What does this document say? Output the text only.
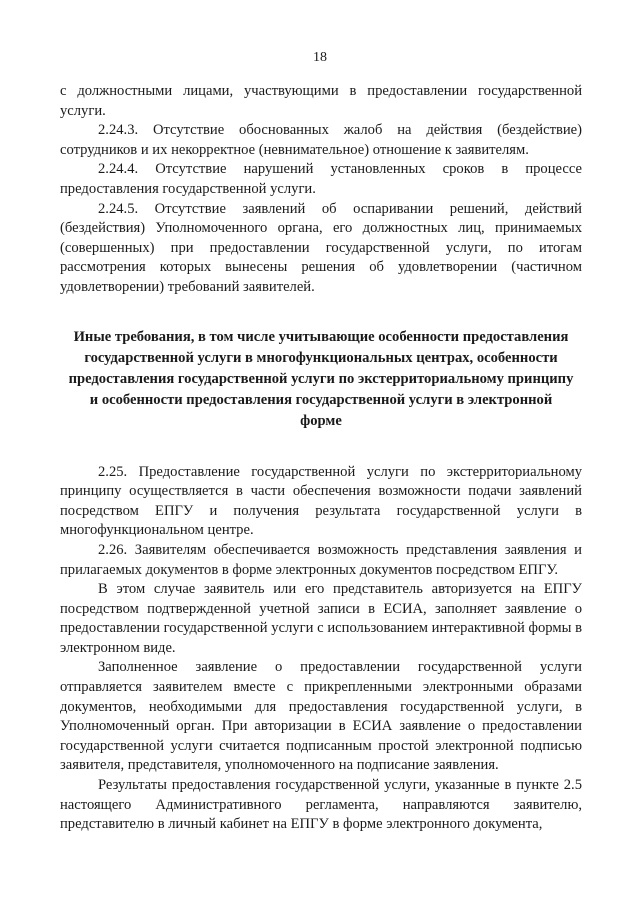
18

с должностными лицами, участвующими в предоставлении государственной услуги.

2.24.3. Отсутствие обоснованных жалоб на действия (бездействие) сотрудников и их некорректное (невнимательное) отношение к заявителям.

2.24.4. Отсутствие нарушений установленных сроков в процессе предоставления государственной услуги.

2.24.5. Отсутствие заявлений об оспаривании решений, действий (бездействия) Уполномоченного органа, его должностных лиц, принимаемых (совершенных) при предоставлении государственной услуги, по итогам рассмотрения которых вынесены решения об удовлетворении (частичном удовлетворении) требований заявителей.

Иные требования, в том числе учитывающие особенности предоставления
государственной услуги в многофункциональных центрах, особенности
предоставления государственной услуги по экстерриториальному принципу
и особенности предоставления государственной услуги в электронной
форме

2.25. Предоставление государственной услуги по экстерриториальному принципу осуществляется в части обеспечения возможности подачи заявлений посредством ЕПГУ и получения результата государственной услуги в многофункциональном центре.

2.26. Заявителям обеспечивается возможность представления заявления и прилагаемых документов в форме электронных документов посредством ЕПГУ.

В этом случае заявитель или его представитель авторизуется на ЕПГУ посредством подтвержденной учетной записи в ЕСИА, заполняет заявление о предоставлении государственной услуги с использованием интерактивной формы в электронном виде.

Заполненное заявление о предоставлении государственной услуги отправляется заявителем вместе с прикрепленными электронными образами документов, необходимыми для предоставления государственной услуги, в Уполномоченный орган. При авторизации в ЕСИА заявление о предоставлении государственной услуги считается подписанным простой электронной подписью заявителя, представителя, уполномоченного на подписание заявления.

Результаты предоставления государственной услуги, указанные в пункте 2.5 настоящего Административного регламента, направляются заявителю, представителю в личный кабинет на ЕПГУ в форме электронного документа,
